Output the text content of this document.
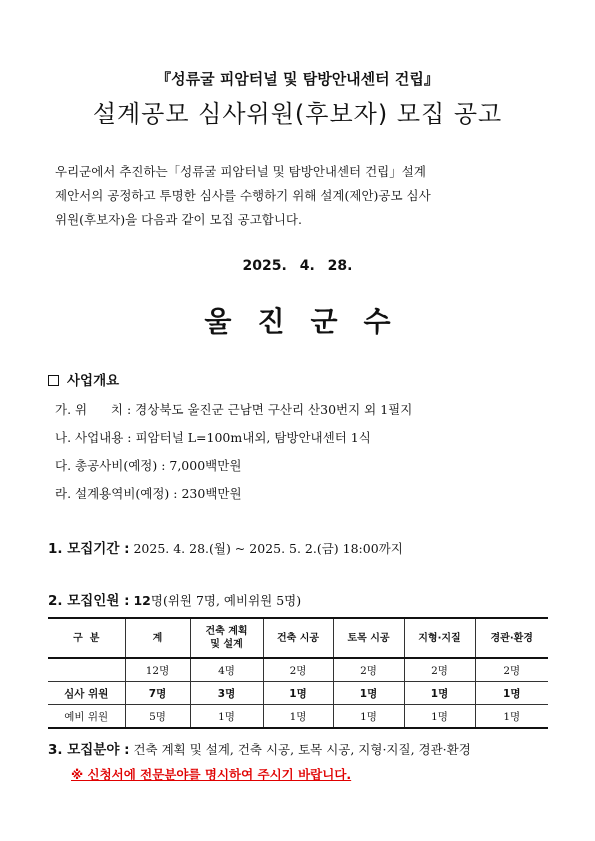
『성류굴 피암터널 및 탐방안내센터 건립』
설계공모 심사위원(후보자) 모집 공고

우리군에서 추진하는「성류굴 피암터널 및 탐방안내센터 건립」설계

제안서의 공정하고 투명한 심사를 수행하기 위해 설계(제안)공모 심사

위원(후보자)을 다음과 같이 모집 공고합니다.

2025. 4. 28.
울진군수
사업개요
가. 위      치 : 경상북도 울진군 근남면 구산리 산30번지 외 1필지
나. 사업내용 : 피암터널 L=100m내외, 탐방안내센터 1식
다. 총공사비(예정) : 7,000백만원
라. 설계용역비(예정) : 230백만원
1. 모집기간 : 2025. 4. 28.(월) ~ 2025. 5. 2.(금) 18:00까지
2. 모집인원 : 12명(위원 7명, 예비위원 5명)
구  분	계	건축 계획
및 설계	건축 시공	토목 시공	지형·지질	경관·환경
	12명	4명	2명	2명	2명	2명
심사 위원	7명	3명	1명	1명	1명	1명
예비 위원	5명	1명	1명	1명	1명	1명
3. 모집분야 : 건축 계획 및 설계, 건축 시공, 토목 시공, 지형·지질, 경관·환경
※ 신청서에 전문분야를 명시하여 주시기 바랍니다.
